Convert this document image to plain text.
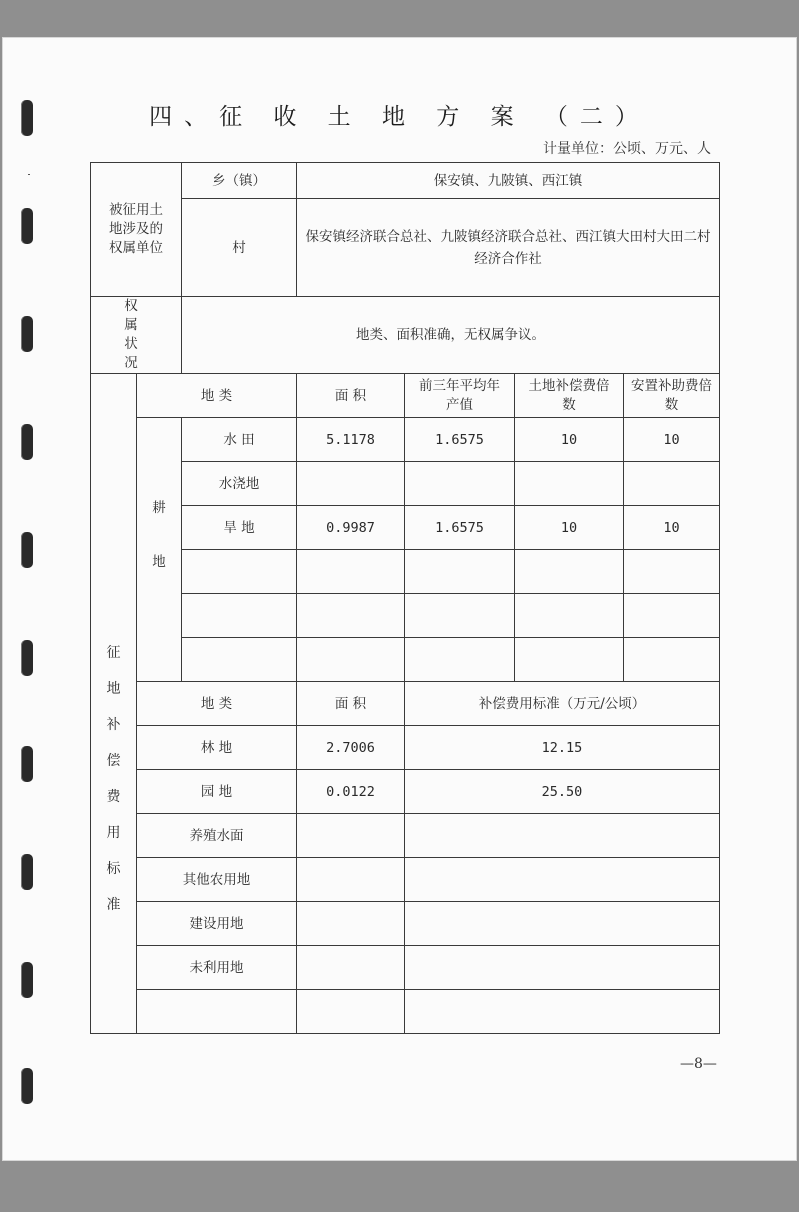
四、征 收 土 地 方 案 （二）
计量单位：公顷、万元、人
被征用土地涉及的权属单位		乡（镇）	保安镇、九陂镇、西江镇			
		村	保安镇经济联合总社、九陂镇经济联合总社、西江镇大田村大田二村经济合作社			

权属状况		地类、面积准确，无权属争议。				

征地补偿费用标准	地 类		面 积	前三年平均年产值	土地补偿费倍 数	安置补助费倍 数

	耕地	水 田	5.1178	1.6575	10	10
		水浇地				
		旱 地	0.9987	1.6575	10	10

	地 类		面 积	补偿费用标准（万元/公顷）		
	林 地		2.7006	12.15		
	园 地		0.0122	25.50		
	养殖水面					
	其他农用地					
	建设用地					
	未利用地					

—8—
